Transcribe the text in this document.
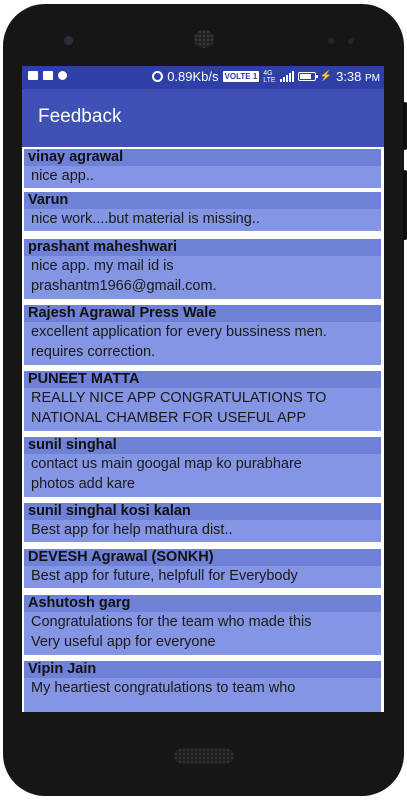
0.89Kb/s VOLTE 1 4G
LTE	⚡ 3:38 PM
Feedback
vinay agrawal
nice app..
Varun
nice work....but material is missing..
prashant maheshwari
nice app. my mail id is
prashantm1966@gmail.com.
Rajesh Agrawal Press Wale
excellent application for every bussiness men.
requires correction.
PUNEET MATTA
REALLY NICE APP CONGRATULATIONS TO
NATIONAL CHAMBER FOR USEFUL APP
sunil singhal
contact us main googal map ko purabhare
photos add kare
sunil singhal kosi kalan
Best app for help mathura dist..
DEVESH Agrawal (SONKH)
Best app for future, helpfull for Everybody
Ashutosh garg
Congratulations for the team who made this
Very useful app for everyone
Vipin Jain
My heartiest congratulations to team who
